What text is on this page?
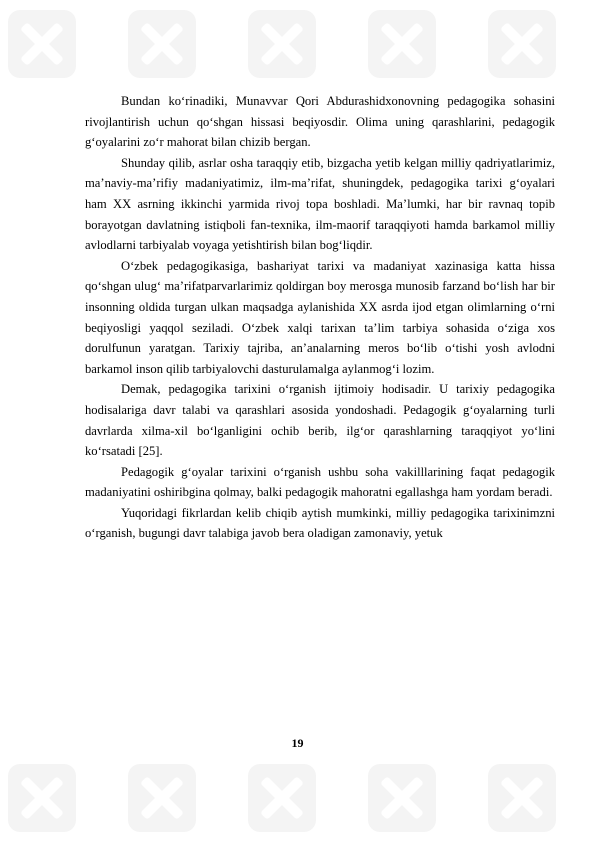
Bundan ko‘rinadiki, Munavvar Qori Abdurashidxonovning pedagogika sohasini rivojlantirish uchun qo‘shgan hissasi beqiyosdir. Olima uning qarashlarini, pedagogik g‘oyalarini zo‘r mahorat bilan chizib bergan.

Shunday qilib, asrlar osha taraqqiy etib, bizgacha yetib kelgan milliy qadriyatlarimiz, ma’naviy-ma’rifiy madaniyatimiz, ilm-ma’rifat, shuningdek, pedagogika tarixi g‘oyalari ham XX asrning ikkinchi yarmida rivoj topa boshladi. Ma’lumki, har bir ravnaq topib borayotgan davlatning istiqboli fan-texnika, ilm-maorif taraqqiyoti hamda barkamol milliy avlodlarni tarbiyalab voyaga yetishtirish bilan bog‘liqdir.

O‘zbek pedagogikasiga, bashariyat tarixi va madaniyat xazinasiga katta hissa qo‘shgan ulug‘ ma’rifatparvarlarimiz qoldirgan boy merosga munosib farzand bo‘lish har bir insonning oldida turgan ulkan maqsadga aylanishida XX asrda ijod etgan olimlarning o‘rni beqiyosligi yaqqol seziladi. O‘zbek xalqi tarixan ta’lim tarbiya sohasida o‘ziga xos dorulfunun yaratgan. Tarixiy tajriba, an’analarning meros bo‘lib o‘tishi yosh avlodni barkamol inson qilib tarbiyalovchi dasturulamalga aylanmog‘i lozim.

Demak, pedagogika tarixini o‘rganish ijtimoiy hodisadir. U tarixiy pedagogika hodisalariga davr talabi va qarashlari asosida yondoshadi. Pedagogik g‘oyalarning turli davrlarda xilma-xil bo‘lganligini ochib berib, ilg‘or qarashlarning taraqqiyot yo‘lini ko‘rsatadi [25].

Pedagogik g‘oyalar tarixini o‘rganish ushbu soha vakilllarining faqat pedagogik madaniyatini oshiribgina qolmay, balki pedagogik mahoratni egallashga ham yordam beradi.

Yuqoridagi fikrlardan kelib chiqib aytish mumkinki, milliy pedagogika tarixinimzni o‘rganish, bugungi davr talabiga javob bera oladigan zamonaviy, yetuk

19
